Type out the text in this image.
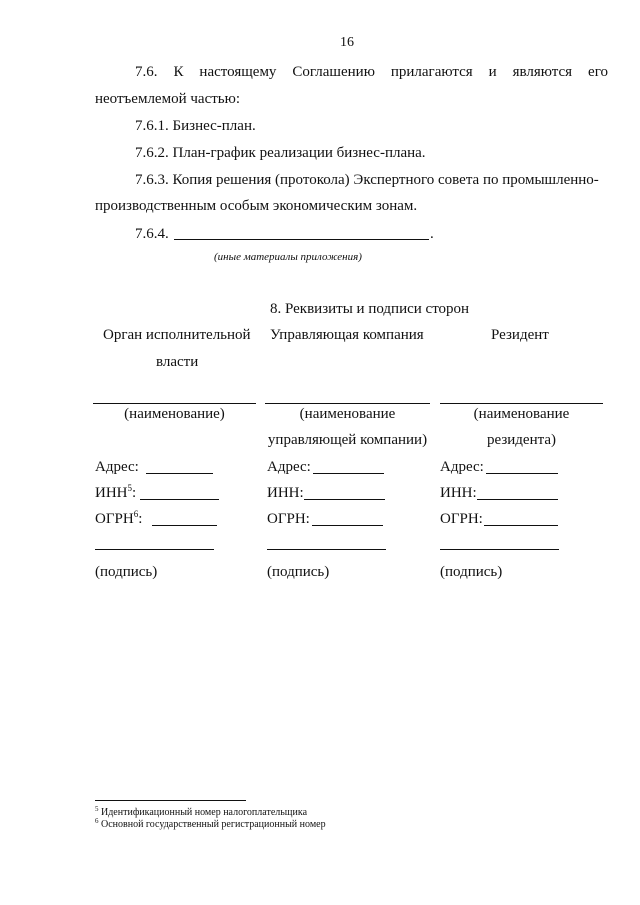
16
7.6. К настоящему Соглашению прилагаются и являются его
неотъемлемой частью:
7.6.1. Бизнес-план.
7.6.2. План-график реализации бизнес-плана.
7.6.3. Копия решения (протокола) Экспертного совета по промышленно-
производственным особым экономическим зонам.
7.6.4.	.
(иные материалы приложения)
8. Реквизиты и подписи сторон
Орган исполнительной
власти
(наименование)
Адрес:
ИНН$^5$:
ОГРН$^6$:
(подпись)
Управляющая компания
(наименование
управляющей компании)
Адрес:
ИНН:
ОГРН:
(подпись)
Резидент
(наименование
резидента)
Адрес:
ИНН:
ОГРН:
(подпись)
$^5$ Идентификационный номер налогоплательщика
$^6$ Основной государственный регистрационный номер
